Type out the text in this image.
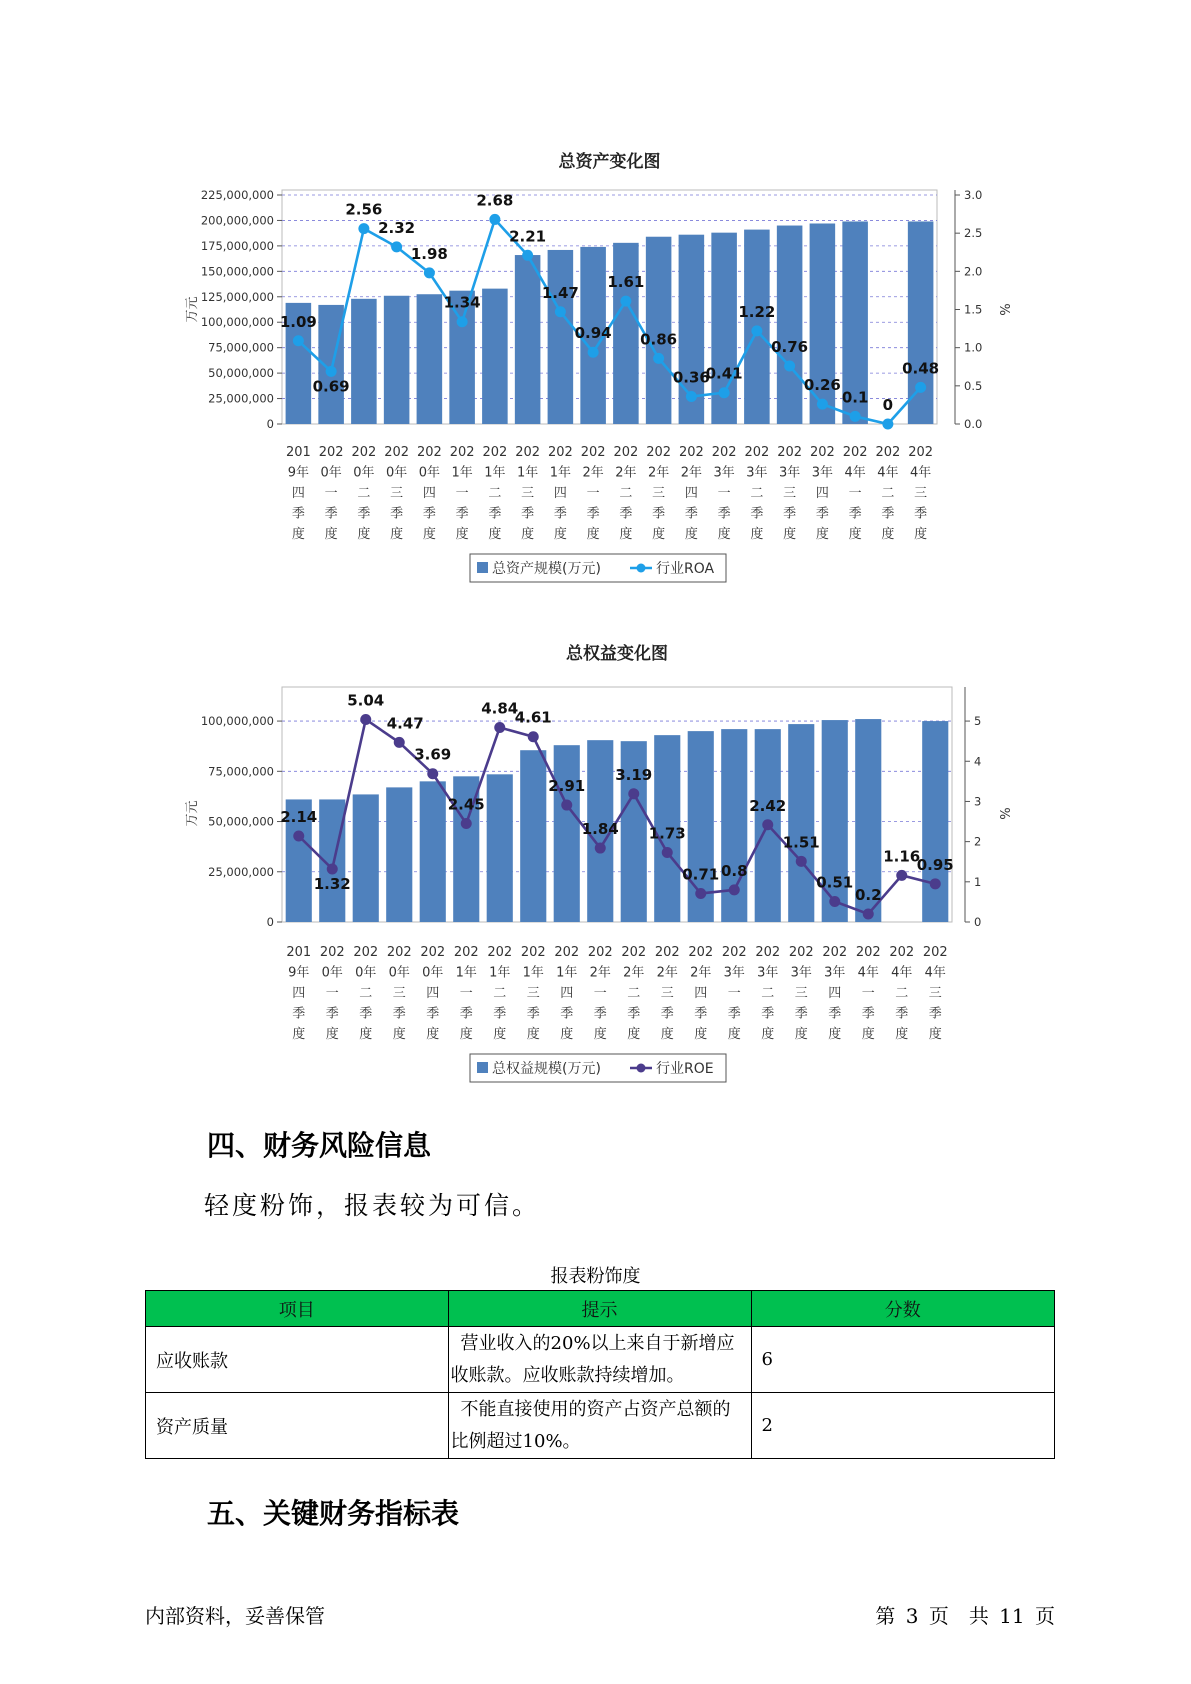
总资产变化图
0
25,000,000
50,000,000
75,000,000
100,000,000
125,000,000
150,000,000
175,000,000
200,000,000
225,000,000
0.0
0.5
1.0
1.5
2.0
2.5
3.0
万元	%
1.09
0.69
2.56
2.32
1.98
1.34
2.68
2.21
1.47
0.94
1.61
0.86
0.36
0.41
1.22
0.76
0.26
0.1 0
0.48
201
9年
四
季
度
202
0年
一
季
度
202
0年
二
季
度
202
0年
三
季
度
202
0年
四
季
度
202
1年
一
季
度
202
1年
二
季
度
202
1年
三
季
度
202
1年
四
季
度
202
2年
一
季
度
202
2年
二
季
度
202
2年
三
季
度
202
2年
四
季
度
202
3年
一
季
度
202
3年
二
季
度
202
3年
三
季
度
202
3年
四
季
度
202
4年
一
季
度
202
4年
二
季
度
202
4年
三
季
度
总资产规模(万元)	行业ROA
总权益变化图
0
25,000,000
50,000,000
75,000,000
100,000,000
0
1
2
3
4
5
万元	%
2.14
1.32
5.04
4.47
3.69
2.45
4.84
4.61
2.91
1.84
3.19
1.73
0.71 0.8
2.42
1.51
0.51
0.2
1.16
0.95
201
9年
四
季
度
202
0年
一
季
度
202
0年
二
季
度
202
0年
三
季
度
202
0年
四
季
度
202
1年
一
季
度
202
1年
二
季
度
202
1年
三
季
度
202
1年
四
季
度
202
2年
一
季
度
202
2年
二
季
度
202
2年
三
季
度
202
2年
四
季
度
202
3年
一
季
度
202
3年
二
季
度
202
3年
三
季
度
202
3年
四
季
度
202
4年
一
季
度
202
4年
二
季
度
202
4年
三
季
度
总权益规模(万元)	行业ROE
四、财务风险信息

轻度粉饰，报表较为可信。

报表粉饰度
项目	提示	分数
应收账款	营业收入的20%以上来自于新增应收账款。应收账款持续增加。	6
资产质量	不能直接使用的资产占资产总额的比例超过10%。	2
五、关键财务指标表
内部资料，妥善保管	第 3 页　共 11 页
